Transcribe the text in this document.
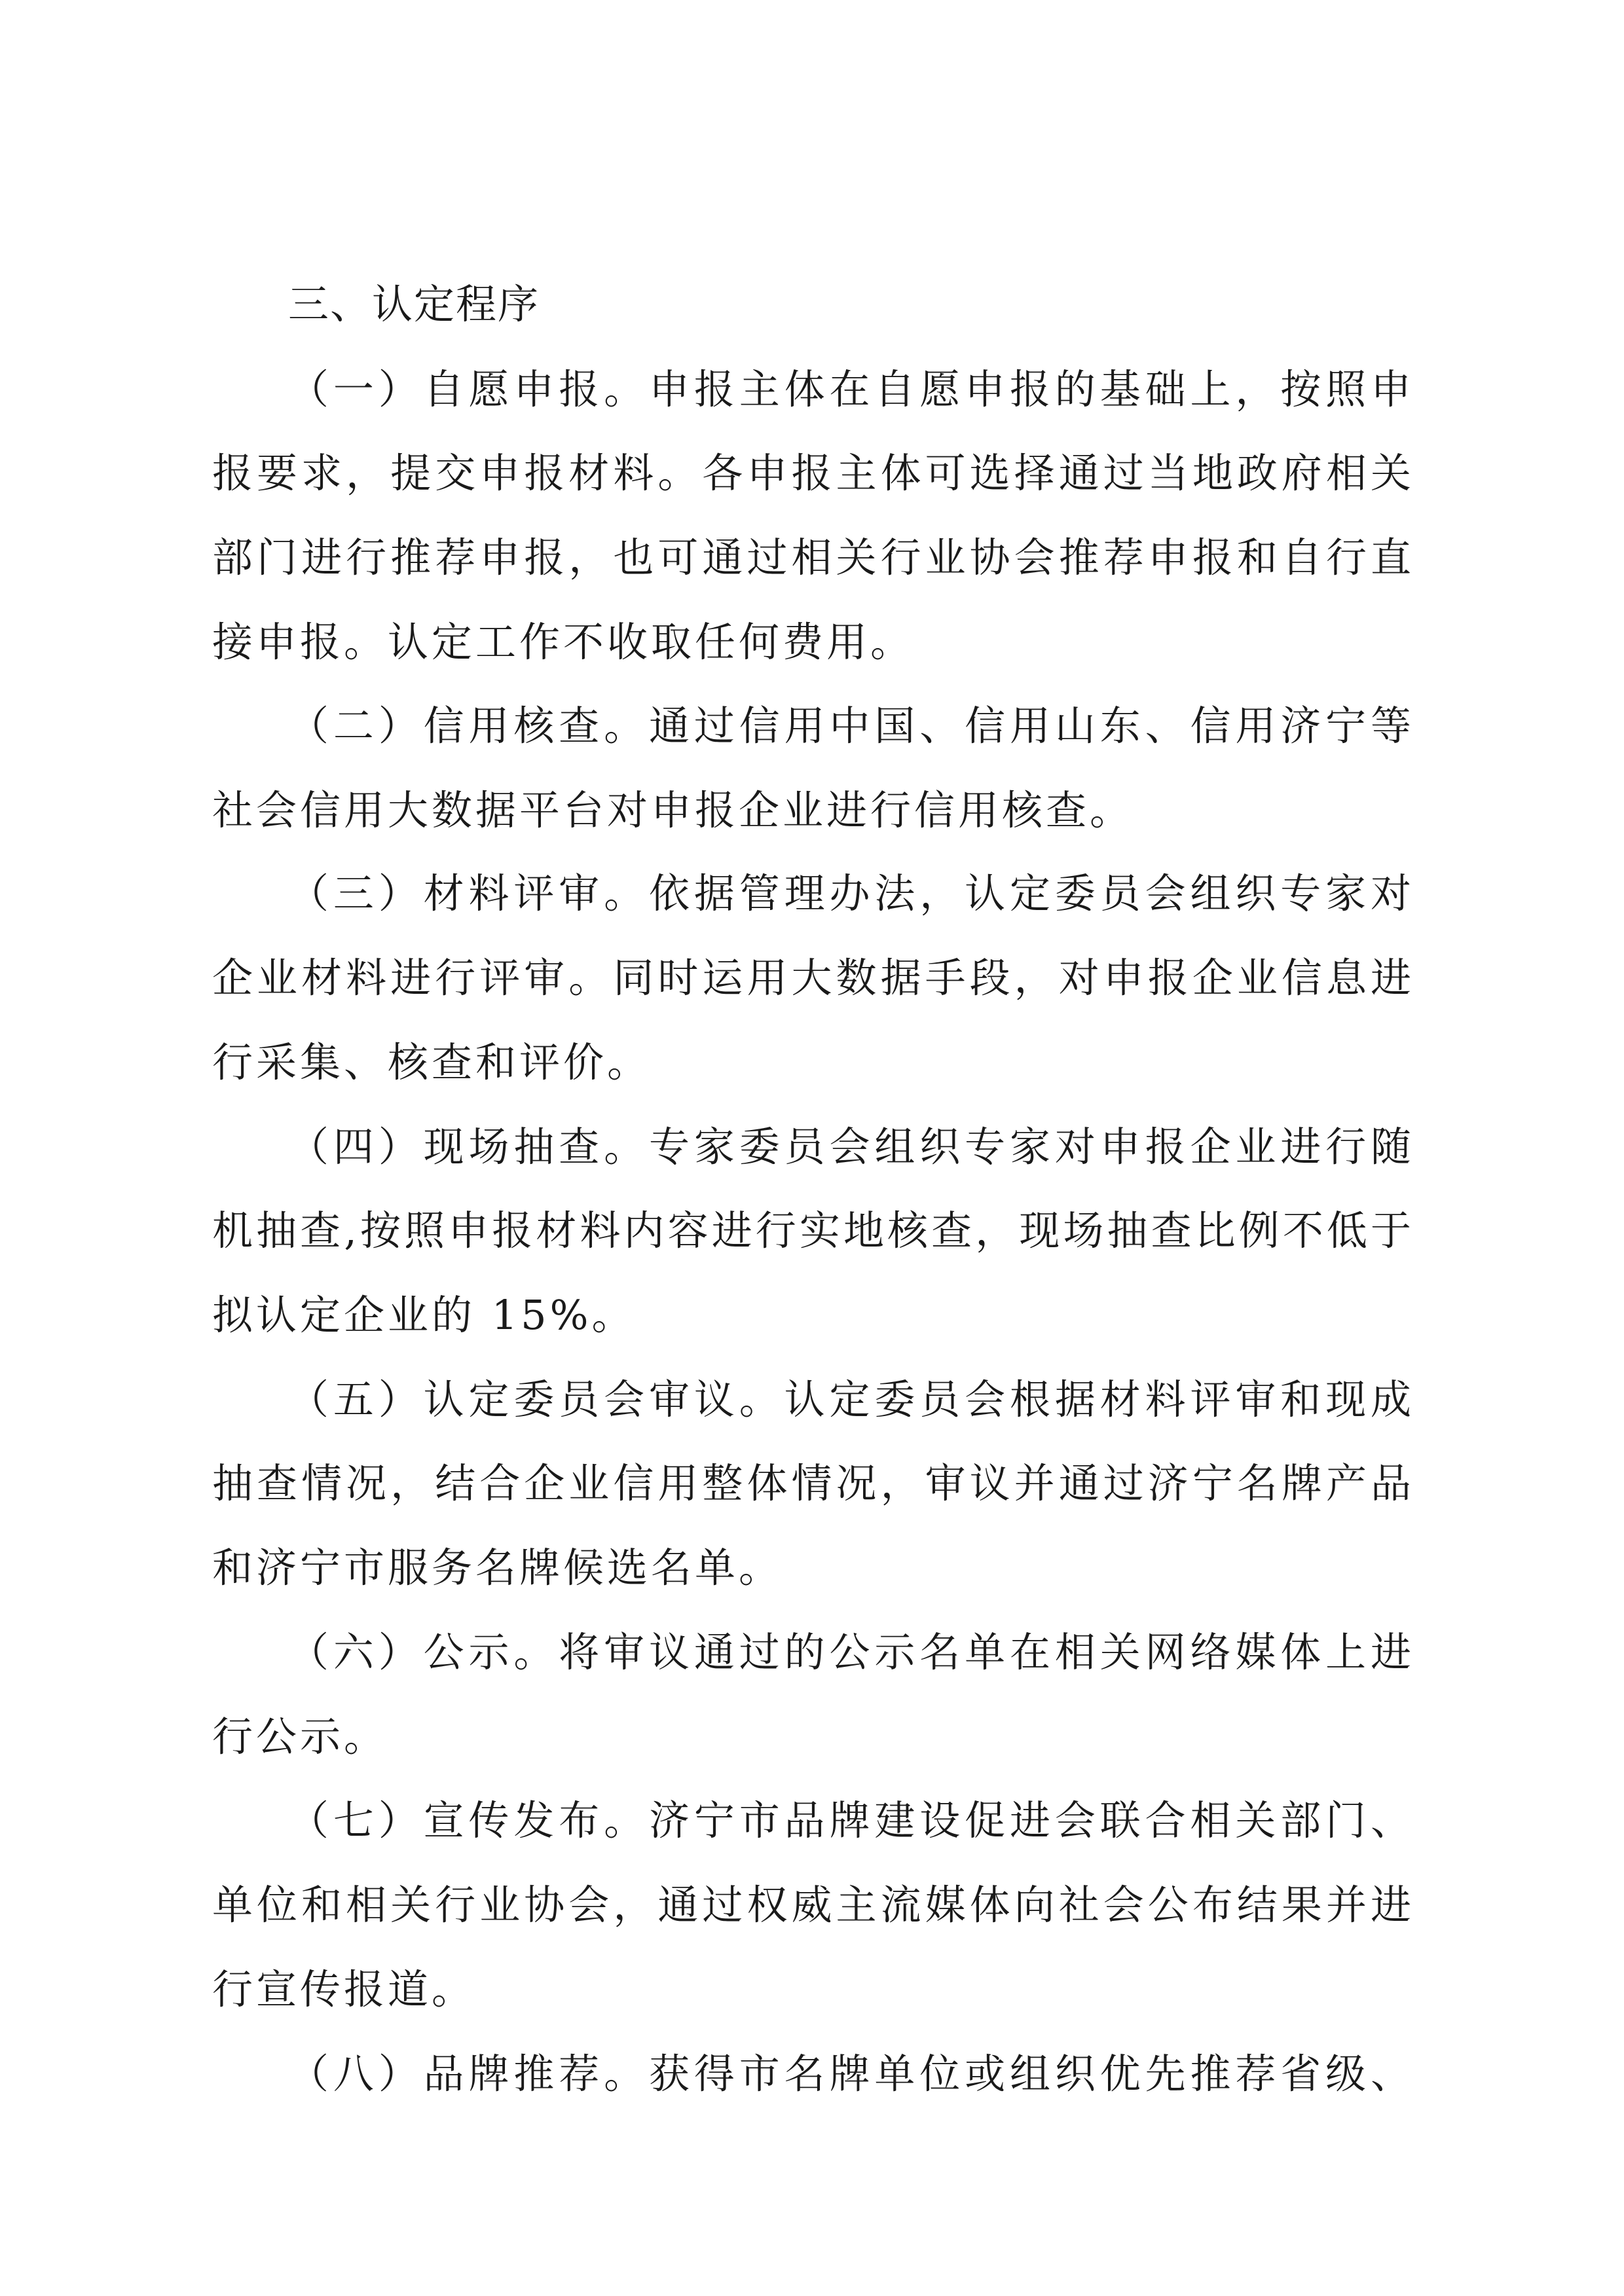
三、认定程序
（一）自愿申报。申报主体在自愿申报的基础上，按照申
报要求，提交申报材料。各申报主体可选择通过当地政府相关
部门进行推荐申报，也可通过相关行业协会推荐申报和自行直
接申报。认定工作不收取任何费用。
（二）信用核查。通过信用中国、信用山东、信用济宁等
社会信用大数据平台对申报企业进行信用核查。
（三）材料评审。依据管理办法，认定委员会组织专家对
企业材料进行评审。同时运用大数据手段，对申报企业信息进
行采集、核查和评价。
（四）现场抽查。专家委员会组织专家对申报企业进行随
机抽查,按照申报材料内容进行实地核查，现场抽查比例不低于
拟认定企业的 15%。
（五）认定委员会审议。认定委员会根据材料评审和现成
抽查情况，结合企业信用整体情况，审议并通过济宁名牌产品
和济宁市服务名牌候选名单。
（六）公示。将审议通过的公示名单在相关网络媒体上进
行公示。
（七）宣传发布。济宁市品牌建设促进会联合相关部门、
单位和相关行业协会，通过权威主流媒体向社会公布结果并进
行宣传报道。
（八）品牌推荐。获得市名牌单位或组织优先推荐省级、
